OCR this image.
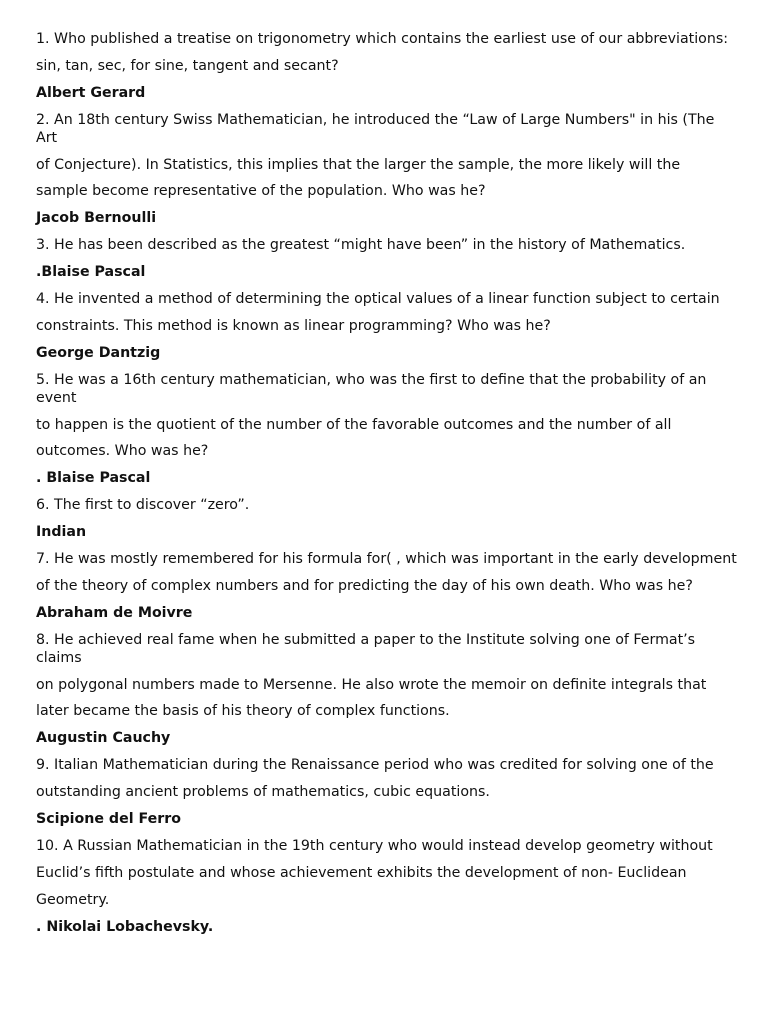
1. Who published a treatise on trigonometry which contains the earliest use of our abbreviations:

sin, tan, sec, for sine, tangent and secant?

Albert Gerard

2. An 18th century Swiss Mathematician, he introduced the “Law of Large Numbers" in his (The Art

of Conjecture). In Statistics, this implies that the larger the sample, the more likely will the

sample become representative of the population. Who was he?

Jacob Bernoulli

3. He has been described as the greatest “might have been” in the history of Mathematics.

.Blaise Pascal

4. He invented a method of determining the optical values of a linear function subject to certain

constraints. This method is known as linear programming? Who was he?

George Dantzig

5. He was a 16th century mathematician, who was the first to define that the probability of an event

to happen is the quotient of the number of the favorable outcomes and the number of all

outcomes. Who was he?

. Blaise Pascal

6. The first to discover “zero”.

Indian

7. He was mostly remembered for his formula for( , which was important in the early development

of the theory of complex numbers and for predicting the day of his own death. Who was he?

Abraham de Moivre

8. He achieved real fame when he submitted a paper to the Institute solving one of Fermat’s claims

on polygonal numbers made to Mersenne. He also wrote the memoir on definite integrals that

later became the basis of his theory of complex functions.

Augustin Cauchy

9. Italian Mathematician during the Renaissance period who was credited for solving one of the

outstanding ancient problems of mathematics, cubic equations.

Scipione del Ferro

10. A Russian Mathematician in the 19th century who would instead develop geometry without

Euclid’s fifth postulate and whose achievement exhibits the development of non- Euclidean

Geometry.

. Nikolai Lobachevsky.
